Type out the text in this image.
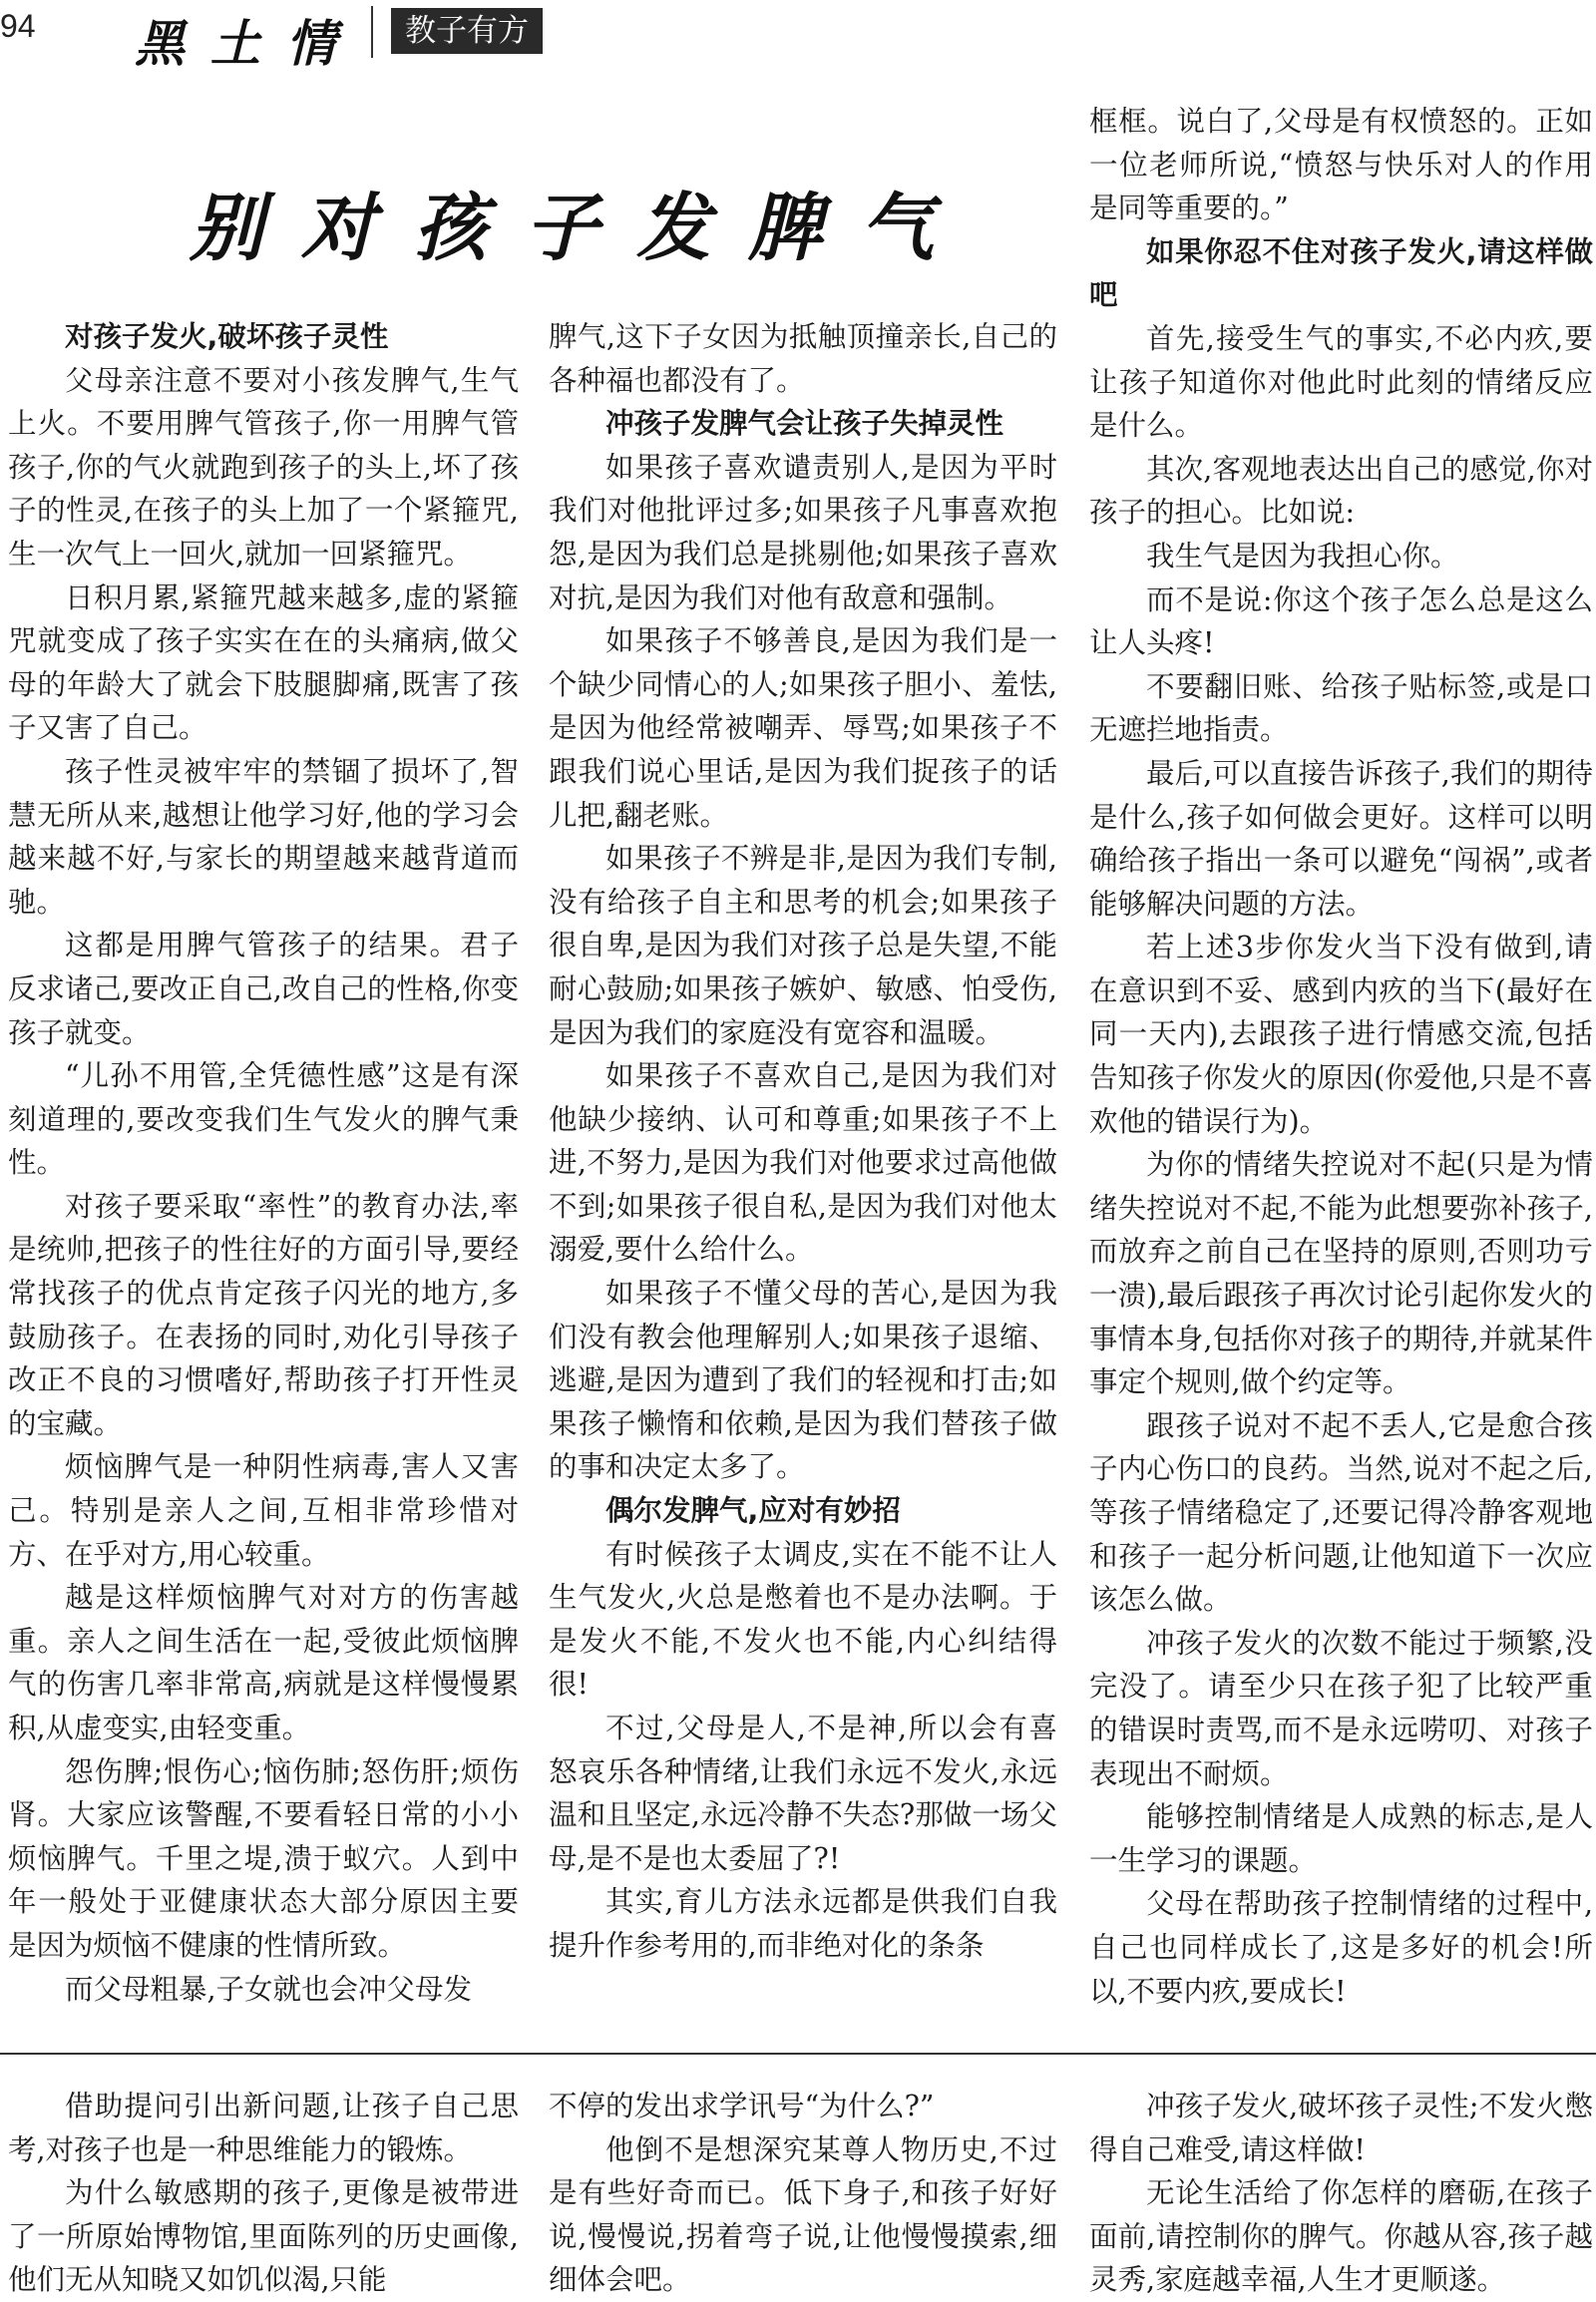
94 黑土情	教子有方
别对孩子发脾气
对孩子发火,破坏孩子灵性

父母亲注意不要对小孩发脾气,生气上火。不要用脾气管孩子,你一用脾气管孩子,你的气火就跑到孩子的头上,坏了孩子的性灵,在孩子的头上加了一个紧箍咒,生一次气上一回火,就加一回紧箍咒。

日积月累,紧箍咒越来越多,虚的紧箍咒就变成了孩子实实在在的头痛病,做父母的年龄大了就会下肢腿脚痛,既害了孩子又害了自己。

孩子性灵被牢牢的禁锢了损坏了,智慧无所从来,越想让他学习好,他的学习会越来越不好,与家长的期望越来越背道而驰。

这都是用脾气管孩子的结果。君子反求诸己,要改正自己,改自己的性格,你变孩子就变。

“儿孙不用管,全凭德性感”这是有深刻道理的,要改变我们生气发火的脾气秉性。

对孩子要采取“率性”的教育办法,率是统帅,把孩子的性往好的方面引导,要经常找孩子的优点肯定孩子闪光的地方,多鼓励孩子。在表扬的同时,劝化引导孩子改正不良的习惯嗜好,帮助孩子打开性灵的宝藏。

烦恼脾气是一种阴性病毒,害人又害己。特别是亲人之间,互相非常珍惜对方、在乎对方,用心较重。

越是这样烦恼脾气对对方的伤害越重。亲人之间生活在一起,受彼此烦恼脾气的伤害几率非常高,病就是这样慢慢累积,从虚变实,由轻变重。

怨伤脾;恨伤心;恼伤肺;怒伤肝;烦伤肾。大家应该警醒,不要看轻日常的小小烦恼脾气。千里之堤,溃于蚁穴。人到中年一般处于亚健康状态大部分原因主要是因为烦恼不健康的性情所致。

而父母粗暴,子女就也会冲父母发

脾气,这下子女因为抵触顶撞亲长,自己的各种福也都没有了。

冲孩子发脾气会让孩子失掉灵性

如果孩子喜欢谴责别人,是因为平时我们对他批评过多;如果孩子凡事喜欢抱怨,是因为我们总是挑剔他;如果孩子喜欢对抗,是因为我们对他有敌意和强制。

如果孩子不够善良,是因为我们是一个缺少同情心的人;如果孩子胆小、羞怯,是因为他经常被嘲弄、辱骂;如果孩子不跟我们说心里话,是因为我们捉孩子的话儿把,翻老账。

如果孩子不辨是非,是因为我们专制,没有给孩子自主和思考的机会;如果孩子很自卑,是因为我们对孩子总是失望,不能耐心鼓励;如果孩子嫉妒、敏感、怕受伤,是因为我们的家庭没有宽容和温暖。

如果孩子不喜欢自己,是因为我们对他缺少接纳、认可和尊重;如果孩子不上进,不努力,是因为我们对他要求过高他做不到;如果孩子很自私,是因为我们对他太溺爱,要什么给什么。

如果孩子不懂父母的苦心,是因为我们没有教会他理解别人;如果孩子退缩、逃避,是因为遭到了我们的轻视和打击;如果孩子懒惰和依赖,是因为我们替孩子做的事和决定太多了。

偶尔发脾气,应对有妙招

有时候孩子太调皮,实在不能不让人生气发火,火总是憋着也不是办法啊。于是发火不能,不发火也不能,内心纠结得很!

不过,父母是人,不是神,所以会有喜怒哀乐各种情绪,让我们永远不发火,永远温和且坚定,永远冷静不失态?那做一场父母,是不是也太委屈了?!

其实,育儿方法永远都是供我们自我提升作参考用的,而非绝对化的条条

框框。说白了,父母是有权愤怒的。正如一位老师所说,“愤怒与快乐对人的作用是同等重要的。”

如果你忍不住对孩子发火,请这样做吧

首先,接受生气的事实,不必内疚,要让孩子知道你对他此时此刻的情绪反应是什么。

其次,客观地表达出自己的感觉,你对孩子的担心。比如说:

我生气是因为我担心你。

而不是说:你这个孩子怎么总是这么让人头疼!

不要翻旧账、给孩子贴标签,或是口无遮拦地指责。

最后,可以直接告诉孩子,我们的期待是什么,孩子如何做会更好。这样可以明确给孩子指出一条可以避免“闯祸”,或者能够解决问题的方法。

若上述3步你发火当下没有做到,请在意识到不妥、感到内疚的当下(最好在同一天内),去跟孩子进行情感交流,包括告知孩子你发火的原因(你爱他,只是不喜欢他的错误行为)。

为你的情绪失控说对不起(只是为情绪失控说对不起,不能为此想要弥补孩子,而放弃之前自己在坚持的原则,否则功亏一溃),最后跟孩子再次讨论引起你发火的事情本身,包括你对孩子的期待,并就某件事定个规则,做个约定等。

跟孩子说对不起不丢人,它是愈合孩子内心伤口的良药。当然,说对不起之后,等孩子情绪稳定了,还要记得冷静客观地和孩子一起分析问题,让他知道下一次应该怎么做。

冲孩子发火的次数不能过于频繁,没完没了。请至少只在孩子犯了比较严重的错误时责骂,而不是永远唠叨、对孩子表现出不耐烦。

能够控制情绪是人成熟的标志,是人一生学习的课题。

父母在帮助孩子控制情绪的过程中,自己也同样成长了,这是多好的机会!所以,不要内疚,要成长!

借助提问引出新问题,让孩子自己思考,对孩子也是一种思维能力的锻炼。

为什么敏感期的孩子,更像是被带进了一所原始博物馆,里面陈列的历史画像,他们无从知晓又如饥似渴,只能

不停的发出求学讯号“为什么?”

他倒不是想深究某尊人物历史,不过是有些好奇而已。低下身子,和孩子好好说,慢慢说,拐着弯子说,让他慢慢摸索,细细体会吧。

冲孩子发火,破坏孩子灵性;不发火憋得自己难受,请这样做!

无论生活给了你怎样的磨砺,在孩子面前,请控制你的脾气。你越从容,孩子越灵秀,家庭越幸福,人生才更顺遂。
